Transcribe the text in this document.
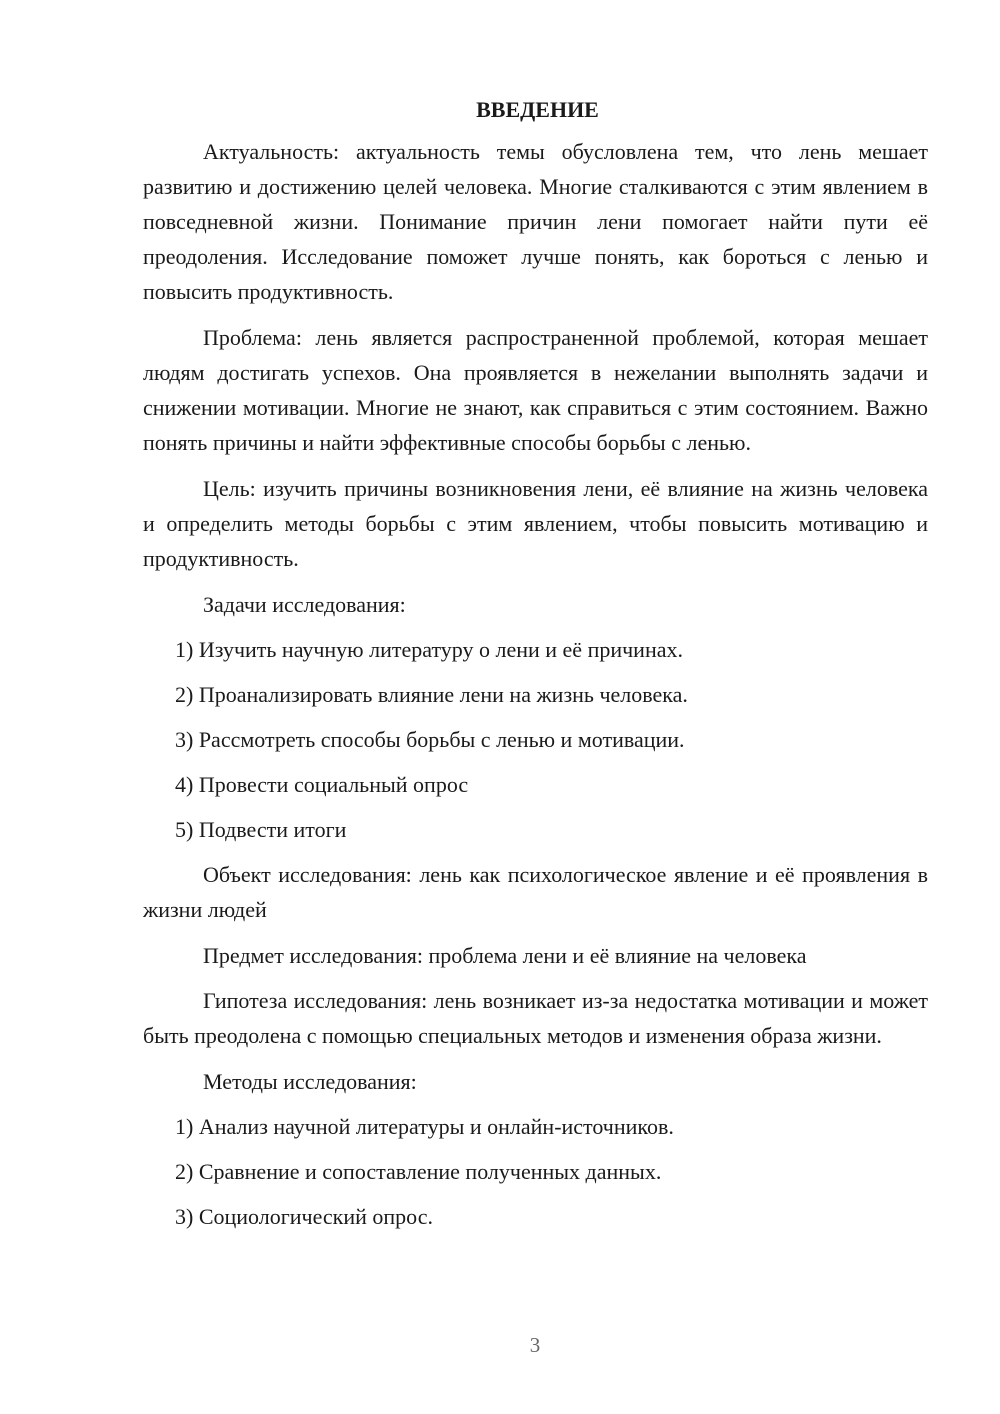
ВВЕДЕНИЕ

Актуальность: актуальность темы обусловлена тем, что лень мешает развитию и достижению целей человека. Многие сталкиваются с этим явлением в повседневной жизни. Понимание причин лени помогает найти пути её преодоления. Исследование поможет лучше понять, как бороться с ленью и повысить продуктивность.

Проблема: лень является распространенной проблемой, которая мешает людям достигать успехов. Она проявляется в нежелании выполнять задачи и снижении мотивации. Многие не знают, как справиться с этим состоянием. Важно понять причины и найти эффективные способы борьбы с ленью.

Цель: изучить причины возникновения лени, её влияние на жизнь человека и определить методы борьбы с этим явлением, чтобы повысить мотивацию и продуктивность.

Задачи исследования:

1) Изучить научную литературу о лени и её причинах.

2) Проанализировать влияние лени на жизнь человека.

3) Рассмотреть способы борьбы с ленью и мотивации.

4) Провести социальный опрос

5) Подвести итоги

Объект исследования: лень как психологическое явление и её проявления в жизни людей

Предмет исследования: проблема лени и её влияние на человека

Гипотеза исследования: лень возникает из-за недостатка мотивации и может быть преодолена с помощью специальных методов и изменения образа жизни.

Методы исследования:

1) Анализ научной литературы и онлайн-источников.

2) Сравнение и сопоставление полученных данных.

3) Социологический опрос.

3
